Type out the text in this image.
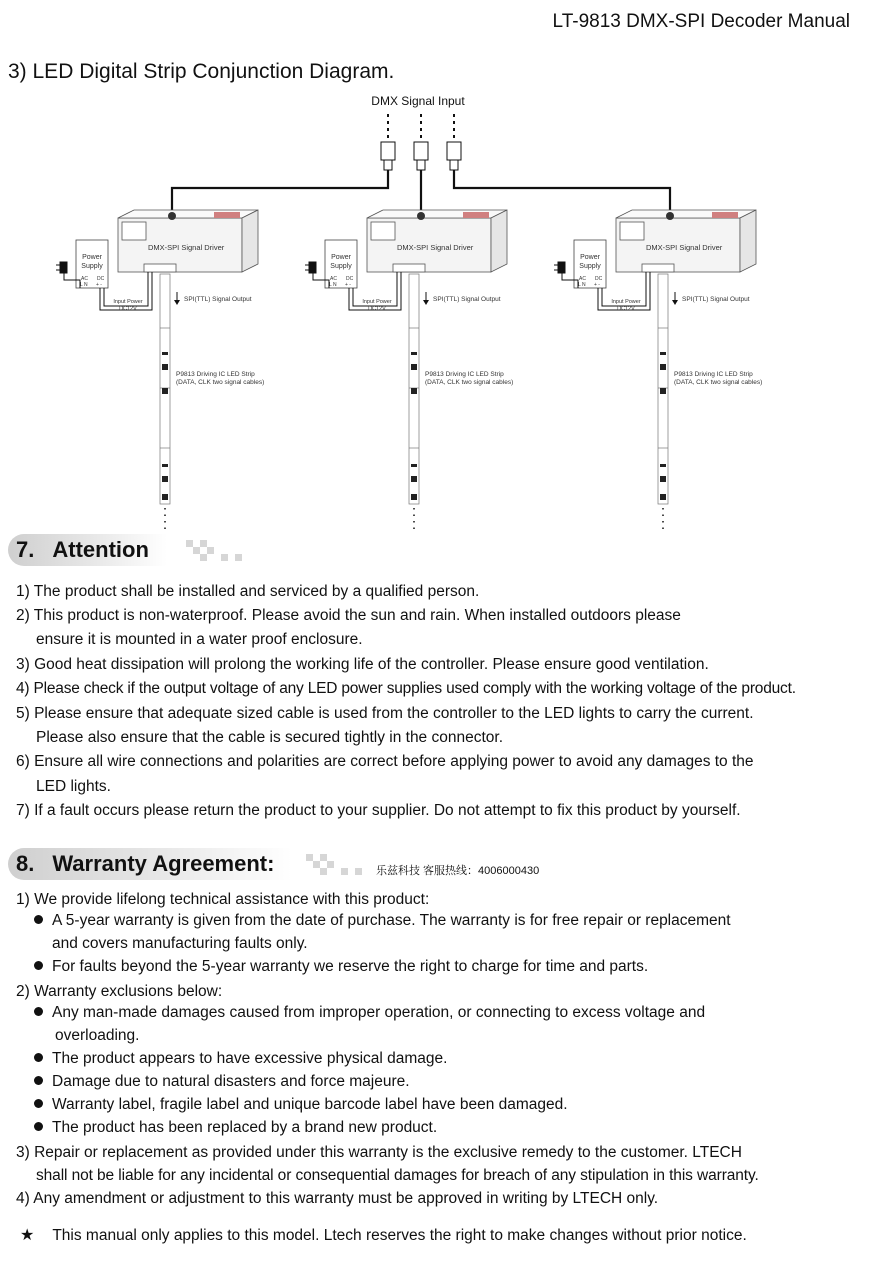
LT-9813 DMX-SPI Decoder Manual
3) LED Digital Strip Conjunction Diagram.
DMX Signal Input
DMX-SPI Signal Driver
Power
Supply
AC DC
L N + -
Input Power
DC12V
SPI(TTL) Signal Output
P9813 Driving IC LED Strip
(DATA, CLK two signal cables)
DMX-SPI Signal Driver
Power
Supply
AC DC
L N + -
Input Power
DC12V
SPI(TTL) Signal Output
P9813 Driving IC LED Strip
(DATA, CLK two signal cables)
DMX-SPI Signal Driver
Power
Supply
AC DC
L N + -
Input Power
DC12V
SPI(TTL) Signal Output
P9813 Driving IC LED Strip
(DATA, CLK two signal cables)
7. Attention
1) The product shall be installed and serviced by a qualified person.
2) This product is non-waterproof. Please avoid the sun and rain. When installed outdoors please
ensure it is mounted in a water proof enclosure.
3) Good heat dissipation will prolong the working life of the controller. Please ensure good ventilation.
4) Please check if the output voltage of any LED power supplies used comply with the working voltage of the product.
5) Please ensure that adequate sized cable is used from the controller to the LED lights to carry the current.
Please also ensure that the cable is secured tightly in the connector.
6) Ensure all wire connections and polarities are correct before applying power to avoid any damages to the
LED lights.
7) If a fault occurs please return the product to your supplier. Do not attempt to fix this product by yourself.
8. Warranty Agreement:	乐兹科技 客服热线：4006000430
1) We provide lifelong technical assistance with this product:
A 5-year warranty is given from the date of purchase. The warranty is for free repair or replacement
and covers manufacturing faults only.
For faults beyond the 5-year warranty we reserve the right to charge for time and parts.
2) Warranty exclusions below:
Any man-made damages caused from improper operation, or connecting to excess voltage and
overloading.
The product appears to have excessive physical damage.
Damage due to natural disasters and force majeure.
Warranty label, fragile label and unique barcode label have been damaged.
The product has been replaced by a brand new product.
3) Repair or replacement as provided under this warranty is the exclusive remedy to the customer. LTECH
shall not be liable for any incidental or consequential damages for breach of any stipulation in this warranty.
4) Any amendment or adjustment to this warranty must be approved in writing by LTECH only.
★ This manual only applies to this model. Ltech reserves the right to make changes without prior notice.
